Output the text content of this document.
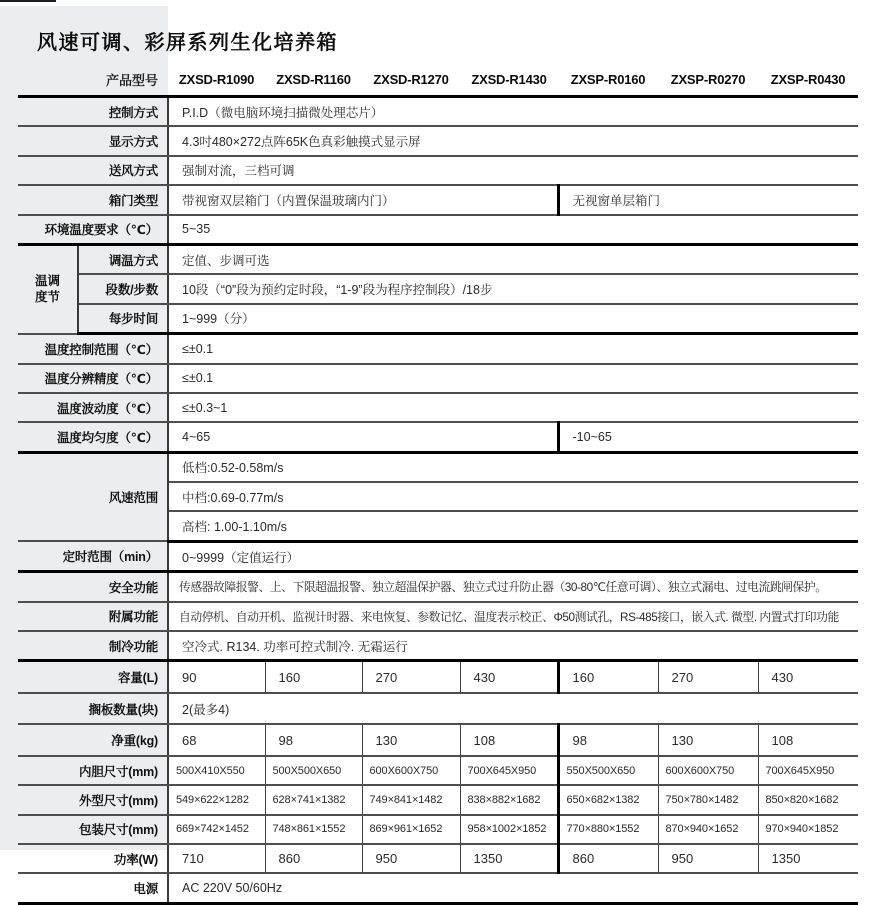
风速可调、彩屏系列生化培养箱
产品型号		ZXSD-R1090	ZXSD-R1160	ZXSD-R1270	ZXSD-R1430	ZXSP-R0160	ZXSP-R0270	ZXSP-R0430
控制方式		P.I.D（微电脑环境扫描微处理芯片）						
显示方式		4.3吋480×272点阵65K色真彩触摸式显示屏						
送风方式		强制对流，三档可调						
箱门类型		带视窗双层箱门（内置保温玻璃内门）				无视窗单层箱门		
环境温度要求（℃）		5~35						

温调
度节	调温方式	定值、步调可选						
	段数/步数	10段（“0”段为预约定时段，“1-9”段为程序控制段）/18步						
	每步时间	1~999（分）						
温度控制范围（℃）		≤±0.1						
温度分辨精度（℃）		≤±0.1						
温度波动度（℃）		≤±0.3~1						
温度均匀度（℃）		4~65				-10~65		
风速范围		低档:0.52-0.58m/s						
		中档:0.69-0.77m/s						
		高档: 1.00-1.10m/s						
定时范围（min）		0~9999（定值运行）						
安全功能		传感器故障报警、上、下限超温报警、独立超温保护器、独立式过升防止器（30-80℃任意可调）、独立式漏电、过电流跳闸保护。						
附属功能		自动停机、自动开机、监视计时器、来电恢复、参数记忆、温度表示校正、Φ50测试孔，RS-485接口，嵌入式. 微型. 内置式打印功能						
制冷功能		空冷式. R134. 功率可控式制冷. 无霜运行						
容量(L)		90	160	270	430	160	270	430
搁板数量(块)		2(最多4)						
净重(kg)		68	98	130	108	98	130	108
内胆尺寸(mm)		500X410X550	500X500X650	600X600X750	700X645X950	550X500X650	600X600X750	700X645X950
外型尺寸(mm)		549×622×1282	628×741×1382	749×841×1482	838×882×1682	650×682×1382	750×780×1482	850×820×1682
包装尺寸(mm)		669×742×1452	748×861×1552	869×961×1652	958×1002×1852	770×880×1552	870×940×1652	970×940×1852
功率(W)		710	860	950	1350	860	950	1350
电源		AC 220V 50/60Hz						
